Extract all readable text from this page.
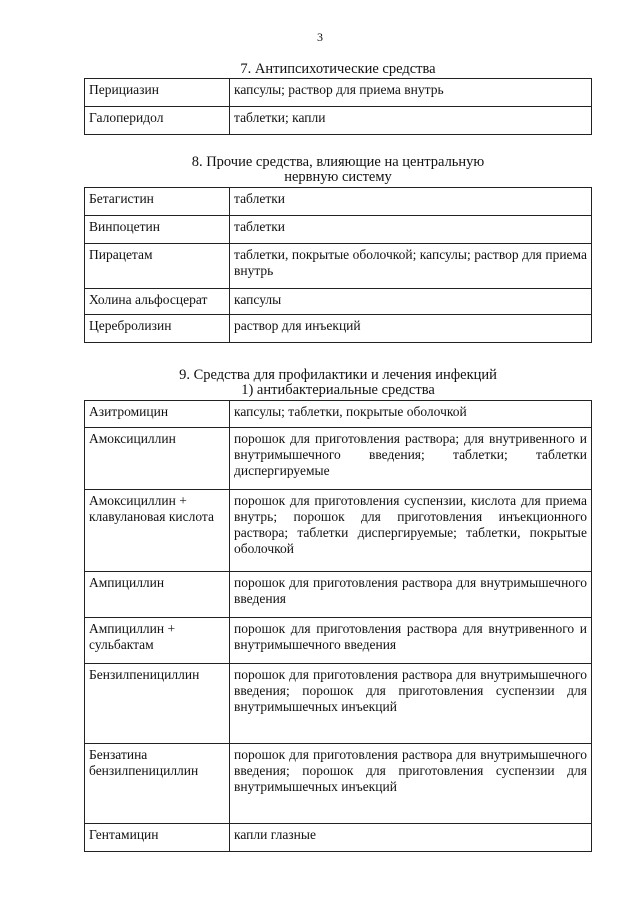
3
7. Антипсихотические средства
Перициазин	капсулы; раствор для приема внутрь
Галоперидол	таблетки; капли
8. Прочие средства, влияющие на центральную
нервную систему
Бетагистин	таблетки
Винпоцетин	таблетки
Пирацетам	таблетки, покрытые оболочкой; капсулы; раствор для приема внутрь
Холина альфосцерат	капсулы
Церебролизин	раствор для инъекций
9. Средства для профилактики и лечения инфекций
1) антибактериальные средства
Азитромицин	капсулы; таблетки, покрытые оболочкой
Амоксициллин	порошок для приготовления раствора; для внутривенного и внутримышечного введения; таблетки; таблетки диспергируемые
Амоксициллин + клавулановая кислота	порошок для приготовления суспензии, кислота для приема внутрь; порошок для приготовления инъекционного раствора; таблетки диспергируемые; таблетки, покрытые оболочкой
Ампициллин	порошок для приготовления раствора для внутримышечного введения
Ампициллин + сульбактам	порошок для приготовления раствора для внутривенного и внутримышечного введения
Бензилпенициллин	порошок для приготовления раствора для внутримышечного введения; порошок для приготовления суспензии для внутримышечных инъекций
Бензатина бензилпенициллин	порошок для приготовления раствора для внутримышечного введения; порошок для приготовления суспензии для внутримышечных инъекций
Гентамицин	капли глазные
